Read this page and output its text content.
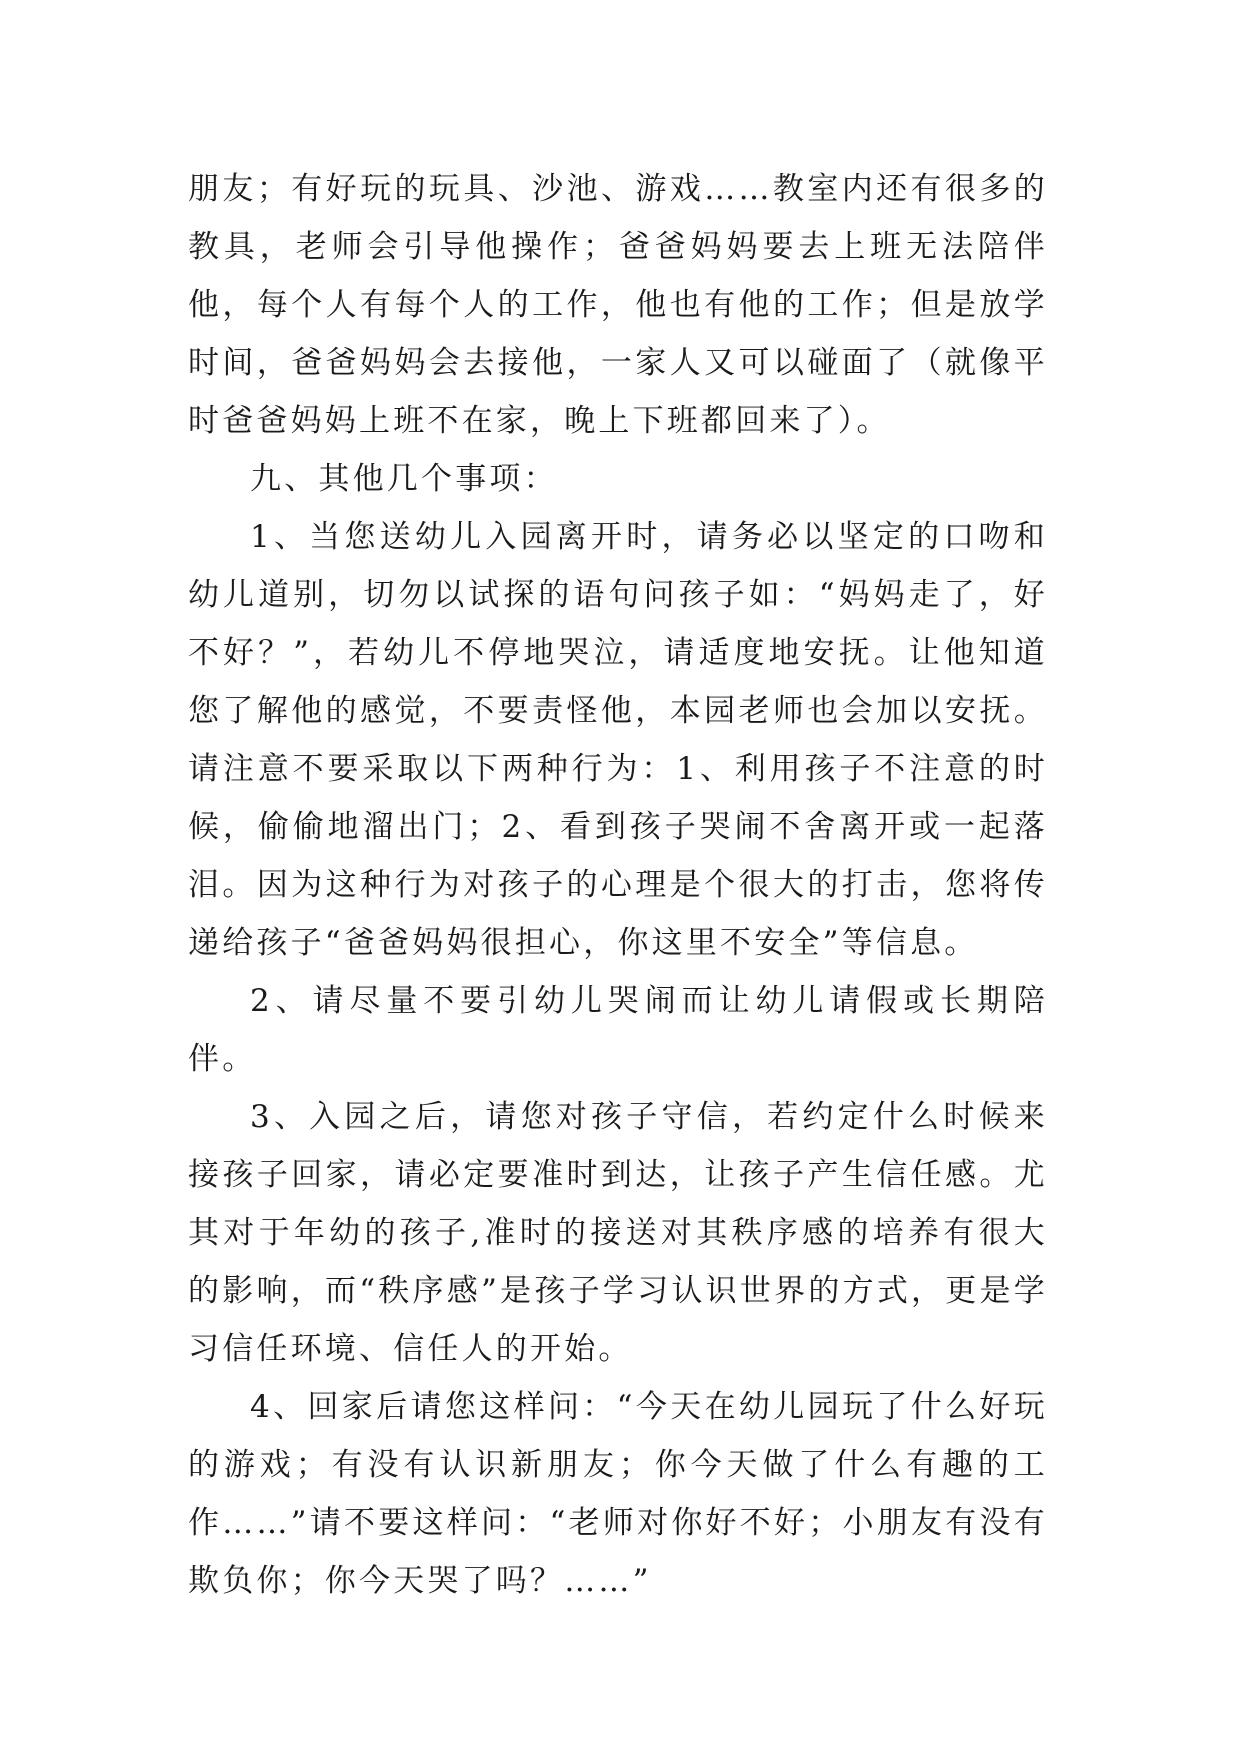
朋友；有好玩的玩具、沙池、游戏……教室内还有很多的教具，老师会引导他操作；爸爸妈妈要去上班无法陪伴他，每个人有每个人的工作，他也有他的工作；但是放学时间，爸爸妈妈会去接他，一家人又可以碰面了（就像平时爸爸妈妈上班不在家，晚上下班都回来了）。

九、其他几个事项：

1、当您送幼儿入园离开时，请务必以坚定的口吻和幼儿道别，切勿以试探的语句问孩子如：“妈妈走了，好不好？”，若幼儿不停地哭泣，请适度地安抚。让他知道您了解他的感觉，不要责怪他，本园老师也会加以安抚。请注意不要采取以下两种行为：1、利用孩子不注意的时候，偷偷地溜出门；2、看到孩子哭闹不舍离开或一起落泪。因为这种行为对孩子的心理是个很大的打击，您将传递给孩子“爸爸妈妈很担心，你这里不安全”等信息。

2、请尽量不要引幼儿哭闹而让幼儿请假或长期陪伴。

3、入园之后，请您对孩子守信，若约定什么时候来接孩子回家，请必定要准时到达，让孩子产生信任感。尤其对于年幼的孩子,准时的接送对其秩序感的培养有很大的影响，而“秩序感”是孩子学习认识世界的方式，更是学习信任环境、信任人的开始。

4、回家后请您这样问：“今天在幼儿园玩了什么好玩的游戏；有没有认识新朋友；你今天做了什么有趣的工作……”请不要这样问：“老师对你好不好；小朋友有没有欺负你；你今天哭了吗？……”
